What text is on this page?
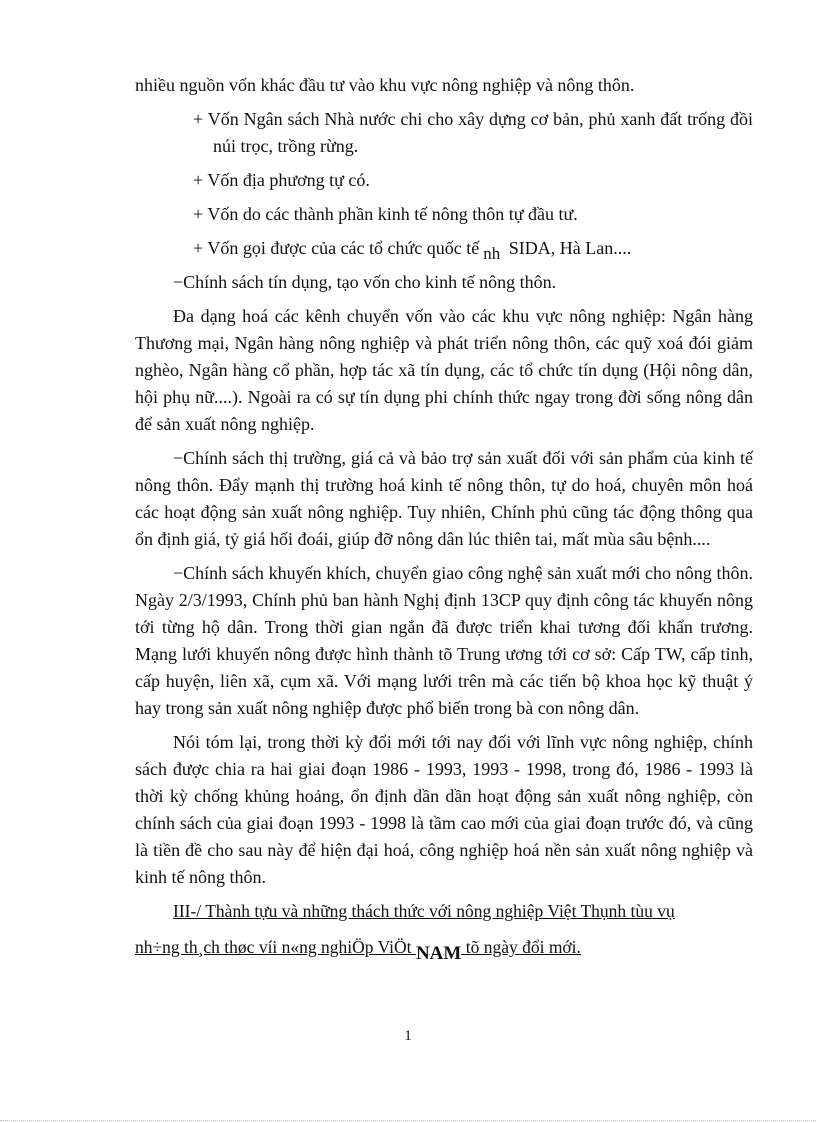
nhiều nguồn vốn khác đầu tư vào khu vực nông nghiệp và nông thôn.

+ Vốn Ngân sách Nhà nước chi cho xây dựng cơ bản, phủ xanh đất trống đồi núi trọc, trồng rừng.

+ Vốn địa phương tự có.

+ Vốn do các thành phần kinh tế nông thôn tự đầu tư.

+ Vốn gọi được của các tổ chức quốc tế nh SIDA, Hà Lan....

−Chính sách tín dụng, tạo vốn cho kinh tế nông thôn.

Đa dạng hoá các kênh chuyển vốn vào các khu vực nông nghiệp: Ngân hàng Thương mại, Ngân hàng nông nghiệp và phát triển nông thôn, các quỹ xoá đói giảm nghèo, Ngân hàng cổ phần, hợp tác xã tín dụng, các tổ chức tín dụng (Hội nông dân, hội phụ nữ....). Ngoài ra có sự tín dụng phi chính thức ngay trong đời sống nông dân để sản xuất nông nghiệp.

−Chính sách thị trường, giá cả và bảo trợ sản xuất đối với sản phẩm của kinh tế nông thôn. Đẩy mạnh thị trường hoá kinh tế nông thôn, tự do hoá, chuyên môn hoá các hoạt động sản xuất nông nghiệp. Tuy nhiên, Chính phủ cũng tác động thông qua ổn định giá, tỷ giá hối đoái, giúp đỡ nông dân lúc thiên tai, mất mùa sâu bệnh....

−Chính sách khuyến khích, chuyển giao công nghệ sản xuất mới cho nông thôn. Ngày 2/3/1993, Chính phủ ban hành Nghị định 13CP quy định công tác khuyến nông tới từng hộ dân. Trong thời gian ngắn đã được triển khai tương đối khẩn trương. Mạng lưới khuyến nông được hình thành tõ Trung ương tới cơ sở: Cấp TW, cấp tỉnh, cấp huyện, liên xã, cụm xã. Với mạng lưới trên mà các tiến bộ khoa học kỹ thuật ý hay trong sản xuất nông nghiệp được phổ biến trong bà con nông dân.

Nói tóm lại, trong thời kỳ đổi mới tới nay đối với lĩnh vực nông nghiệp, chính sách được chia ra hai giai đoạn 1986 - 1993, 1993 - 1998, trong đó, 1986 - 1993 là thời kỳ chống khủng hoảng, ổn định dần dần hoạt động sản xuất nông nghiệp, còn chính sách của giai đoạn 1993 - 1998 là tầm cao mới của giai đoạn trước đó, và cũng là tiền đề cho sau này để hiện đại hoá, công nghiệp hoá nền sản xuất nông nghiệp và kinh tế nông thôn.

III-/ Thành tựu và những thách thức với nông nghiệp Việt Thụnh tùu vụ

nh÷ng th¸ch thøc víi n«ng nghiÖp ViÖt NAM tõ ngày đổi mới.

1
